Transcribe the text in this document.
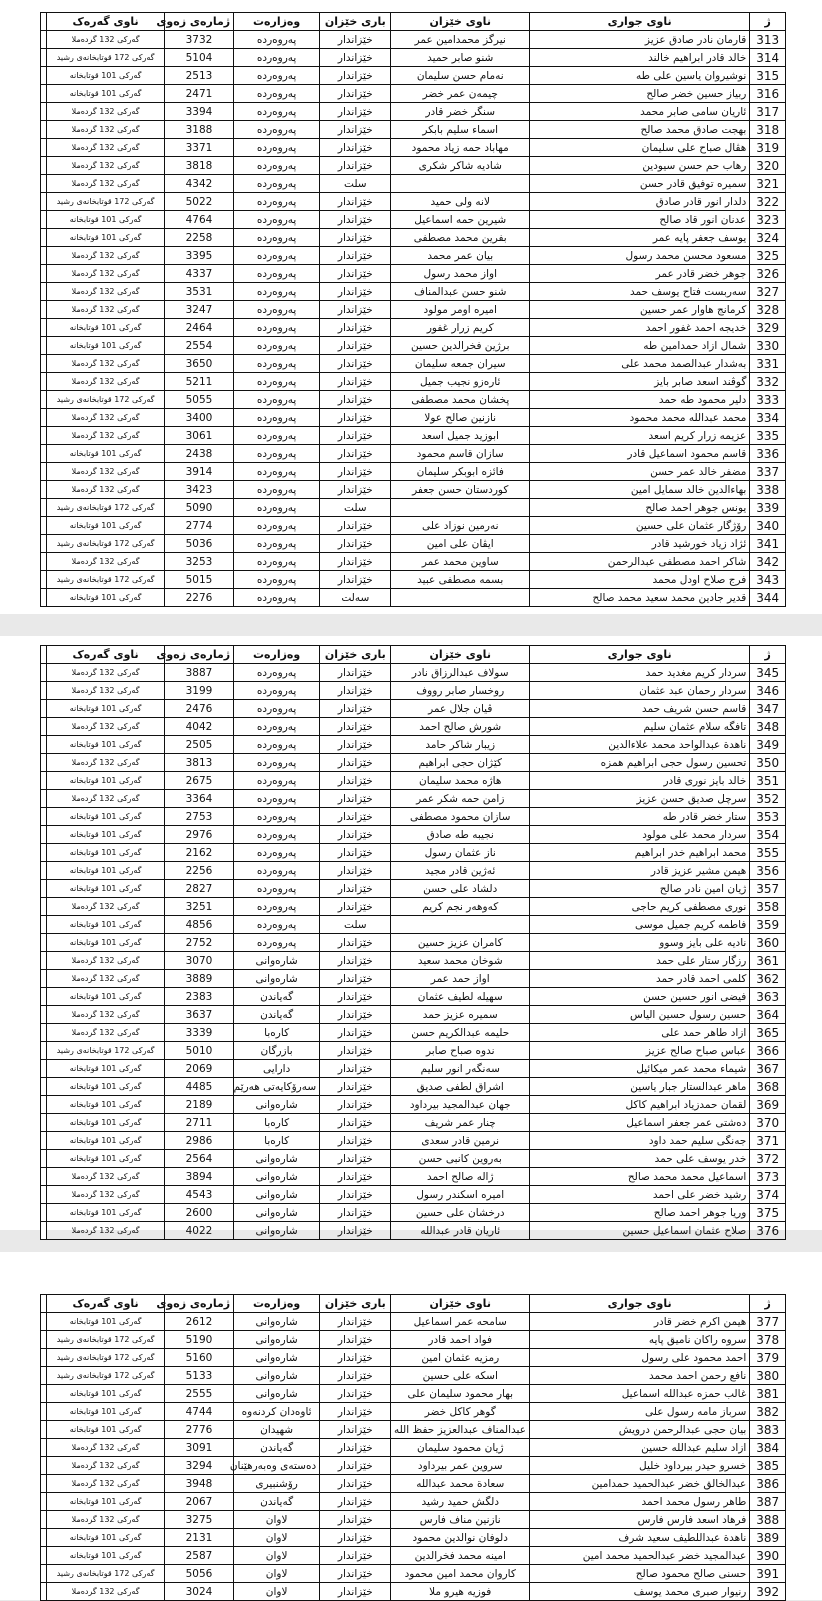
ژ	ناوی جواری	ناوی خێزان	باری خێزان	وەزارەت	ژمارەی زەوی	ناوی گەرەک	
313	قارمان نادر صادق عزيز	نیرگز محمدامین عمر	خێزاندار	پەروەردە	3732	گەرکی 132 گردەملا	
314	خالد قادر ابراهیم خالند	شنو صابر حمید	خێزاندار	پەروەردە	5104	گەرکی 172 قوتابخانەی رشید	
315	نوشیروان یاسین علی طه	نەمام حسن سلیمان	خێزاندار	پەروەردە	2513	گەرکی 101 قوتابخانە	
316	ربیاز حسین خضر صالح	چیمەن عمر خضر	خێزاندار	پەروەردە	2471	گەرکی 101 قوتابخانە	
317	ئاریان سامی صابر محمد	سنگر خضر قادر	خێزاندار	پەروەردە	3394	گەرکی 132 گردەملا	
318	بهجت صادق محمد صالح	اسماء سلیم بابکر	خێزاندار	پەروەردە	3188	گەرکی 132 گردەملا	
319	هڤال صباح علی سلیمان	مهاباد حمه زیاد محمود	خێزاندار	پەروەردە	3371	گەرکی 132 گردەملا	
320	رهاب حم حسن سیودین	شادیه شاکر شکری	خێزاندار	پەروەردە	3818	گەرکی 132 گردەملا	
321	سمیره توفیق قادر حسن		سلت	پەروەردە	4342	گەرکی 132 گردەملا	
322	دلدار انور قادر صادق	لانه ولی حمید	خێزاندار	پەروەردە	5022	گەرکی 172 قوتابخانەی رشید	
323	عدنان انور قاد صالح	شیرین حمه اسماعیل	خێزاندار	پەروەردە	4764	گەرکی 101 قوتابخانە	
324	یوسف جعفر پایه عمر	بفرین محمد مصطفی	خێزاندار	پەروەردە	2258	گەرکی 101 قوتابخانە	
325	مسعود محسن محمد رسول	بیان عمر محمد	خێزاندار	پەروەردە	3395	گەرکی 132 گردەملا	
326	جوهر خضر قادر عمر	اواز محمد رسول	خێزاندار	پەروەردە	4337	گەرکی 132 گردەملا	
327	سەربست فتاح یوسف حمد	شنو حسن عبدالمناف	خێزاندار	پەروەردە	3531	گەرکی 132 گردەملا	
328	کرمانج هاوار عمر حسین	امیره اومر مولود	خێزاندار	پەروەردە	3247	گەرکی 132 گردەملا	
329	خدیجه احمد غفور احمد	کریم زرار غفور	خێزاندار	پەروەردە	2464	گەرکی 101 قوتابخانە	
330	شمال ازاد حمدامین طه	برژین فخرالدین حسین	خێزاندار	پەروەردە	2554	گەرکی 101 قوتابخانە	
331	بەشدار عبدالصمد محمد علی	سیران جمعه سلیمان	خێزاندار	پەروەردە	3650	گەرکی 132 گردەملا	
332	گوڤند اسعد صابر بایز	ئارەزو نجیب جمیل	خێزاندار	پەروەردە	5211	گەرکی 132 گردەملا	
333	دلیر محمود طه حمد	پخشان محمد مصطفی	خێزاندار	پەروەردە	5055	گەرکی 172 قوتابخانەی رشید	
334	محمد عبدالله محمد محمود	نازنین صالح عولا	خێزاندار	پەروەردە	3400	گەرکی 132 گردەملا	
335	عزیمه زرار کریم اسعد	ابوزید جمیل اسعد	خێزاندار	پەروەردە	3061	گەرکی 132 گردەملا	
336	قاسم محمود اسماعیل قادر	سازان قاسم محمود	خێزاندار	پەروەردە	2438	گەرکی 101 قوتابخانە	
337	مضفر خالد عمر حسن	فائزه ابوبکر سلیمان	خێزاندار	پەروەردە	3914	گەرکی 132 گردەملا	
338	بهاءالدین خالد سمایل امین	کوردستان حسن جعفر	خێزاندار	پەروەردە	3423	گەرکی 132 گردەملا	
339	یونس جوهر احمد صالح		سلت	پەروەردە	5090	گەرکی 172 قوتابخانەی رشید	
340	رۆژگار عثمان علی حسین	نەرمین نوزاد علی	خێزاندار	پەروەردە	2774	گەرکی 101 قوتابخانە	
341	ئژاد زیاد خورشید قادر	ایڤان علی امین	خێزاندار	پەروەردە	5036	گەرکی 172 قوتابخانەی رشید	
342	شاکر احمد مصطفی عبدالرحمن	ساوین محمد عمر	خێزاندار	پەروەردە	3253	گەرکی 132 گردەملا	
343	فرج صلاح اودل محمد	بسمه مصطفی عبید	خێزاندار	پەروەردە	5015	گەرکی 172 قوتابخانەی رشید	
344	قدیر جادین محمد سعید محمد صالح		سەلت	پەروەردە	2276	گەرکی 101 قوتابخانە	
ژ	ناوی جواری	ناوی خێزان	باری خێزان	وەزارەت	ژمارەی زەوی	ناوی گەرەک	
345	سردار کریم مغدید حمد	سولاف عبدالرزاق نادر	خێزاندار	پەروەردە	3887	گەرکی 132 گردەملا	
346	سردار رحمان عبد عثمان	روخسار صابر رووف	خێزاندار	پەروەردە	3199	گەرکی 132 گردەملا	
347	قاسم حسن شریف حمد	ڤیان جلال عمر	خێزاندار	پەروەردە	2476	گەرکی 101 قوتابخانە	
348	تافگه سلام عثمان سلیم	شورش صالح احمد	خێزاندار	پەروەردە	4042	گەرکی 132 گردەملا	
349	ناهدة عبدالواحد محمد علاءالدین	زیبار شاکر حامد	خێزاندار	پەروەردە	2505	گەرکی 101 قوتابخانە	
350	تحسین رسول حجی ابراهیم همزه	کێژان حجی ابراهیم	خێزاندار	پەروەردە	3813	گەرکی 132 گردەملا	
351	خالد بایز نوری قادر	هاژه محمد سلیمان	خێزاندار	پەروەردە	2675	گەرکی 101 قوتابخانە	
352	سرچل صدیق حسن عزیز	زامن حمه شکر عمر	خێزاندار	پەروەردە	3364	گەرکی 132 گردەملا	
353	ستار خضر قادر طه	سازان محمود مصطفی	خێزاندار	پەروەردە	2753	گەرکی 101 قوتابخانە	
354	سردار محمد علی مولود	نجیبه طه صادق	خێزاندار	پەروەردە	2976	گەرکی 101 قوتابخانە	
355	محمد ابراهیم خدر ابراهیم	ناز عثمان رسول	خێزاندار	پەروەردە	2162	گەرکی 101 قوتابخانە	
356	هیمن مشیر عزیز قادر	ئەژین قادر مجید	خێزاندار	پەروەردە	2256	گەرکی 101 قوتابخانە	
357	ژیان امین نادر صالح	دلشاد علی حسن	خێزاندار	پەروەردە	2827	گەرکی 101 قوتابخانە	
358	نوری مصطفی کریم حاجی	کەوهەر نجم کریم	خێزاندار	پەروەردە	3251	گەرکی 132 گردەملا	
359	فاطمه کریم جمیل موسی		سلت	پەروەردە	4856	گەرکی 101 قوتابخانە	
360	نادیه علی بایز وسوو	کامران عزیز حسین	خێزاندار	پەروەردە	2752	گەرکی 101 قوتابخانە	
361	رزگار ستار علی حمد	شوخان محمد سعید	خێزاندار	شارەوانی	3070	گەرکی 132 گردەملا	
362	کلمی احمد قادر حمد	اواز حمد عمر	خێزاندار	شارەوانی	3889	گەرکی 132 گردەملا	
363	فیضی انور حسین حسن	سهیله لطیف عثمان	خێزاندار	گەیاندن	2383	گەرکی 101 قوتابخانە	
364	حسین رسول حسین الیاس	سمیره عزیز حمد	خێزاندار	گەیاندن	3637	گەرکی 132 گردەملا	
365	ازاد طاهر حمد علی	حلیمه عبدالکریم حسن	خێزاندار	کارەبا	3339	گەرکی 132 گردەملا	
366	عباس صباح صالح عزیز	ندوه صباح صابر	خێزاندار	بازرگان	5010	گەرکی 172 قوتابخانەی رشید	
367	شیماء محمد عمر میکائیل	سەنگەر انور سلیم	خێزاندار	دارایی	2069	گەرکی 101 قوتابخانە	
368	ماهر عبدالستار جبار یاسین	اشراق لطفی صدیق	خێزاندار	سەرۆکایەتی هەرێم	4485	گەرکی 101 قوتابخانە	
369	لقمان حمدزیاد ابراهیم کاکل	جهان عبدالمجید بیرداود	خێزاندار	شارەوانی	2189	گەرکی 101 قوتابخانە	
370	دەشتی عمر جعفر اسماعیل	چنار عمر شریف	خێزاندار	کارەبا	2711	گەرکی 101 قوتابخانە	
371	جەنگی سلیم حمد داود	نرمین قادر سعدی	خێزاندار	کارەبا	2986	گەرکی 101 قوتابخانە	
372	خدر یوسف علی حمد	بەروین کانبی حسن	خێزاندار	شارەوانی	2564	گەرکی 101 قوتابخانە	
373	اسماعیل محمد محمد صالح	ژاله صالح احمد	خێزاندار	شارەوانی	3894	گەرکی 132 گردەملا	
374	رشید خضر علی احمد	امیره اسکندر رسول	خێزاندار	شارەوانی	4543	گەرکی 132 گردەملا	
375	وریا جوهر احمد صالح	درخشان علی حسین	خێزاندار	شارەوانی	2600	گەرکی 101 قوتابخانە	
376	صلاح عثمان اسماعیل حسین	ئاریان قادر عبدالله	خێزاندار	شارەوانی	4022	گەرکی 132 گردەملا	
ژ	ناوی جواری	ناوی خێزان	باری خێزان	وەزارەت	ژمارەی زەوی	ناوی گەرەک	
377	هیمن اکرم خضر قادر	سامحه عمر اسماعیل	خێزاندار	شارەوانی	2612	گەرکی 101 قوتابخانە	
378	سروه راکان نامیق پایه	فواد احمد قادر	خێزاندار	شارەوانی	5190	گەرکی 172 قوتابخانەی رشید	
379	احمد محمود علی رسول	رمزیه عثمان امین	خێزاندار	شارەوانی	5160	گەرکی 172 قوتابخانەی رشید	
380	نافع رحمن احمد محمد	اسکه علی حسین	خێزاندار	شارەوانی	5133	گەرکی 172 قوتابخانەی رشید	
381	غالب حمزه عبدالله اسماعیل	بهار محمود سلیمان علی	خێزاندار	شارەوانی	2555	گەرکی 101 قوتابخانە	
382	سرباز مامه رسول علی	گوهر کاکل خضر	خێزاندار	ئاوەدان کردنەوە	4744	گەرکی 101 قوتابخانە	
383	بیان حجی عبدالرحمن درویش	عبدالمناف عبدالعزیز حفظ الله	خێزاندار	شهیدان	2776	گەرکی 101 قوتابخانە	
384	ازاد سلیم عبدالله حسین	ژیان محمود سلیمان	خێزاندار	گەیاندن	3091	گەرکی 132 گردەملا	
385	خسرو حیدر بیرداود خلیل	سروین عمر بیرداود	خێزاندار	دەستەی وەبەرهێنان	3294	گەرکی 132 گردەملا	
386	عبدالخالق خضر عبدالحمید حمدامین	سعادة محمد عبدالله	خێزاندار	رۆشنبیری	3948	گەرکی 132 گردەملا	
387	طاهر رسول محمد احمد	دلگش حمید رشید	خێزاندار	گەیاندن	2067	گەرکی 101 قوتابخانە	
388	فرهاد اسعد فارس فارس	نازنین مناف فارس	خێزاندار	لاوان	3275	گەرکی 132 گردەملا	
389	ناهدة عبداللطیف سعید شرف	دلوفان نوالدین محمود	خێزاندار	لاوان	2131	گەرکی 101 قوتابخانە	
390	عبدالمجید خضر عبدالحمید محمد امین	امینه محمد فخرالدین	خێزاندار	لاوان	2587	گەرکی 101 قوتابخانە	
391	حسنی صالح محمود صالح	کاروان محمد امین محمود	خێزاندار	لاوان	5056	گەرکی 172 قوتابخانەی رشید	
392	رنیوار صبری محمد یوسف	فوزیه هیرو ملا	خێزاندار	لاوان	3024	گەرکی 132 گردەملا	
